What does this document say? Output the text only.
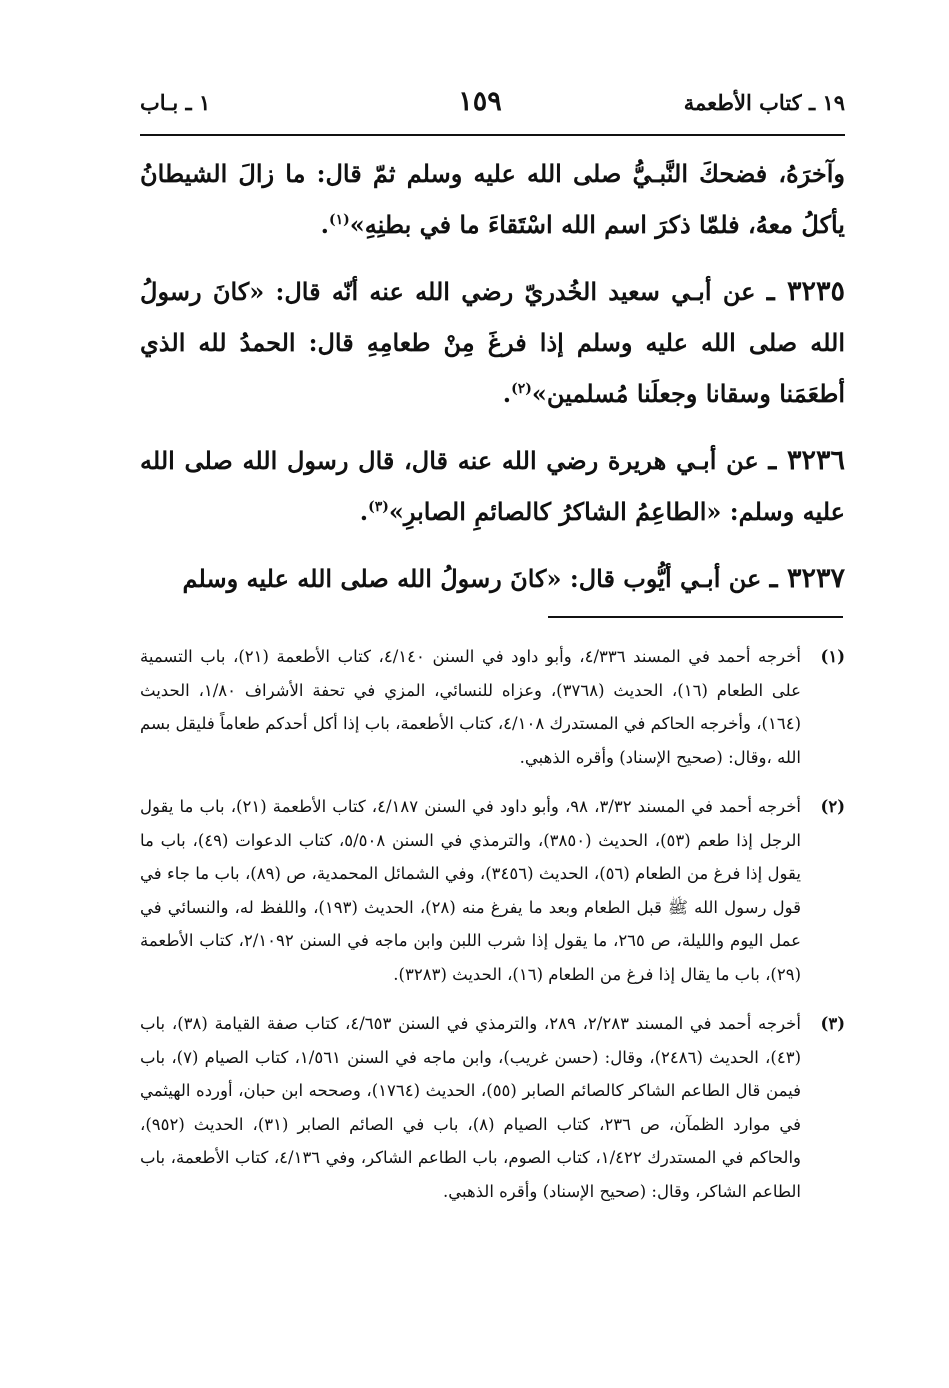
١٩ ـ كتاب الأطعمة
١٥٩
١ ـ بـاب

وآخرَهُ، فضحكَ النَّبـيُّ صلى الله عليه وسلم ثمّ قال: ما زالَ الشيطانُ يأكلُ معهُ، فلمّا ذكرَ اسم الله اسْتَقاءَ ما في بطنِهِ»$^{(١)}$.

٣٢٣٥ ـ عن أبـي سعيد الخُدريّ رضي الله عنه أنّه قال: «كانَ رسولُ الله صلى الله عليه وسلم إذا فرغَ مِنْ طعامِهِ قال: الحمدُ لله الذي أطعَمَنا وسقانا وجعلَنا مُسلمين»$^{(٢)}$.

٣٢٣٦ ـ عن أبـي هريرة رضي الله عنه قال، قال رسول الله صلى الله عليه وسلم: «الطاعِمُ الشاكرُ كالصائمِ الصابرِ»$^{(٣)}$.

٣٢٣٧ ـ عن أبـي أيُّوب قال: «كانَ رسولُ الله صلى الله عليه وسلم

(١)
أخرجه أحمد في المسند ٤/٣٣٦، وأبو داود في السنن ٤/١٤٠، كتاب الأطعمة (٢١)، باب التسمية على الطعام (١٦)، الحديث (٣٧٦٨)، وعزاه للنسائي، المزي في تحفة الأشراف ١/٨٠، الحديث (١٦٤)، وأخرجه الحاكم في المستدرك ٤/١٠٨، كتاب الأطعمة، باب إذا أكل أحدكم طعاماً فليقل بسم الله ،وقال: (صحيح الإسناد) وأقره الذهبي.
(٢)
أخرجه أحمد في المسند ٣/٣٢، ٩٨، وأبو داود في السنن ٤/١٨٧، كتاب الأطعمة (٢١)، باب ما يقول الرجل إذا طعم (٥٣)، الحديث (٣٨٥٠)، والترمذي في السنن ٥/٥٠٨، كتاب الدعوات (٤٩)، باب ما يقول إذا فرغ من الطعام (٥٦)، الحديث (٣٤٥٦)، وفي الشمائل المحمدية، ص (٨٩)، باب ما جاء في قول رسول الله ﷺ قبل الطعام وبعد ما يفرغ منه (٢٨)، الحديث (١٩٣)، واللفظ له، والنسائي في عمل اليوم والليلة، ص ٢٦٥، ما يقول إذا شرب اللبن وابن ماجه في السنن ٢/١٠٩٢، كتاب الأطعمة (٢٩)، باب ما يقال إذا فرغ من الطعام (١٦)، الحديث (٣٢٨٣).
(٣)
أخرجه أحمد في المسند ٢/٢٨٣، ٢٨٩، والترمذي في السنن ٤/٦٥٣، كتاب صفة القيامة (٣٨)، باب (٤٣)، الحديث (٢٤٨٦)، وقال: (حسن غريب)، وابن ماجه في السنن ١/٥٦١، كتاب الصيام (٧)، باب فيمن قال الطاعم الشاكر كالصائم الصابر (٥٥)، الحديث (١٧٦٤)، وصححه ابن حبان، أورده الهيثمي في موارد الظمآن، ص ٢٣٦، كتاب الصيام (٨)، باب في الصائم الصابر (٣١)، الحديث (٩٥٢)، والحاكم في المستدرك ١/٤٢٢، كتاب الصوم، باب الطاعم الشاكر، وفي ٤/١٣٦، كتاب الأطعمة، باب الطاعم الشاكر، وقال: (صحيح الإسناد) وأقره الذهبي.
